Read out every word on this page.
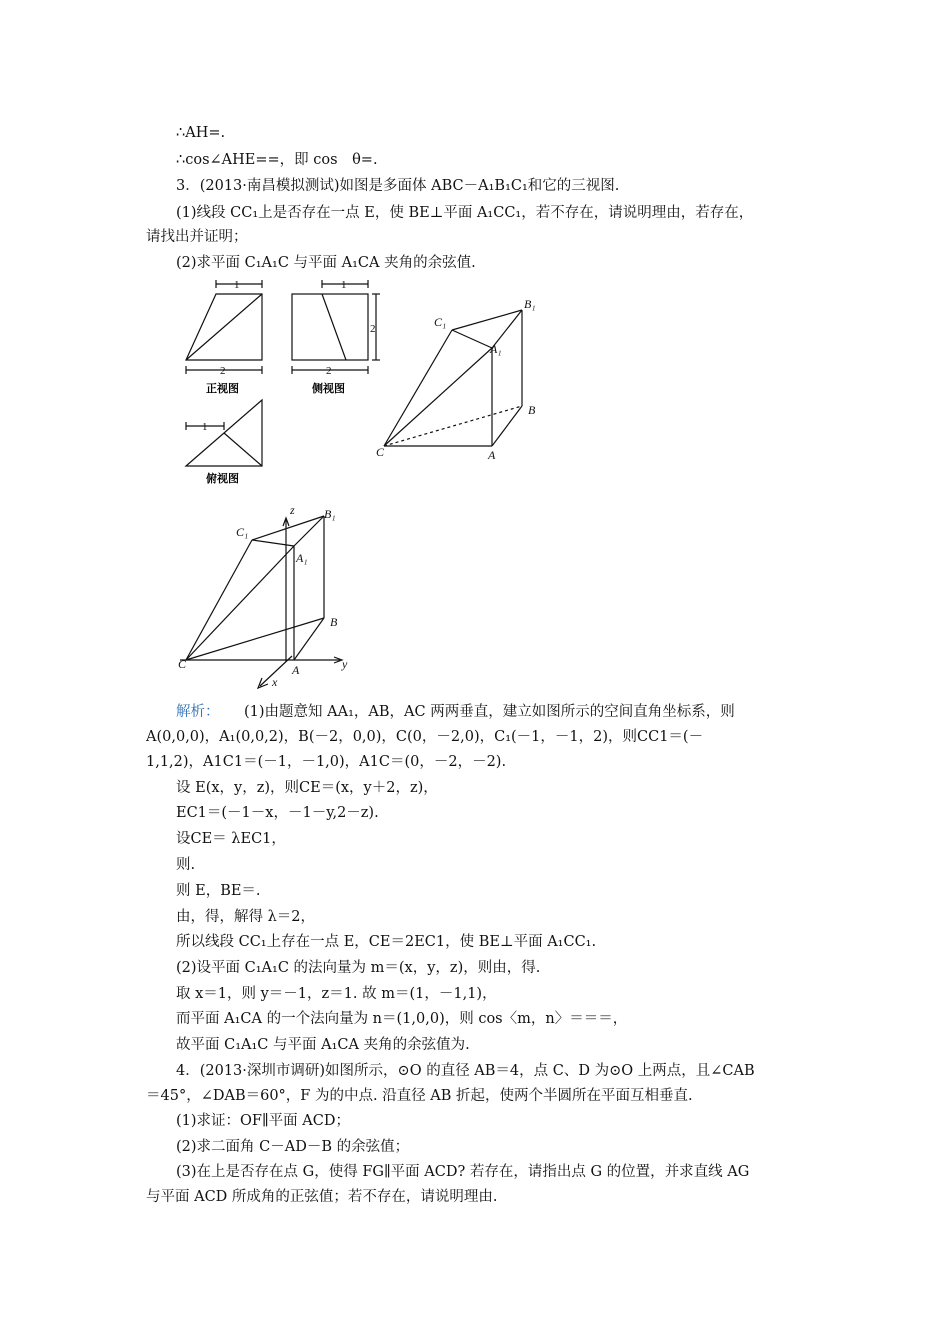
∴AH=.
∴cos∠AHE==，即 cos　θ=.
3．(2013·南昌模拟测试)如图是多面体 ABC－A₁B₁C₁和它的三视图.
(1)线段 CC₁上是否存在一点 E，使 BE⊥平面 A₁CC₁，若不存在，请说明理由，若存在，
请找出并证明；
(2)求平面 C₁A₁C 与平面 A₁CA 夹角的余弦值.
(1)由题意知 AA₁，AB，AC 两两垂直，建立如图所示的空间直角坐标系，则
A(0,0,0)，A₁(0,0,2)，B(－2，0,0)，C(0，－2,0)，C₁(－1，－1，2)，则CC1＝(－
1,1,2)，A1C1＝(－1，－1,0)，A1C＝(0，－2，－2).
设 E(x，y，z)，则CE＝(x，y＋2，z)，
EC1＝(－1－x，－1－y,2－z).
设CE＝ λEC1，
则.
则 E，BE＝.
由，得，解得 λ＝2，
所以线段 CC₁上存在一点 E，CE＝2EC1，使 BE⊥平面 A₁CC₁.
(2)设平面 C₁A₁C 的法向量为 m＝(x，y，z)，则由，得.
取 x＝1，则 y＝－1，z＝1. 故 m＝(1，－1,1)，
而平面 A₁CA 的一个法向量为 n＝(1,0,0)，则 cos〈m，n〉＝＝＝，
故平面 C₁A₁C 与平面 A₁CA 夹角的余弦值为.
4．(2013·深圳市调研)如图所示，⊙O 的直径 AB＝4，点 C、D 为⊙O 上两点，且∠CAB
＝45°，∠DAB＝60°，F 为的中点. 沿直径 AB 折起，使两个半圆所在平面互相垂直.
(1)求证：OF∥平面 ACD；
(2)求二面角 C－AD－B 的余弦值；
(3)在上是否存在点 G，使得 FG∥平面 ACD? 若存在，请指出点 G 的位置，并求直线 AG
与平面 ACD 所成角的正弦值；若不存在，请说明理由.
解析：
1
2
1
2
2
1
正视图	侧视图
俯视图
B₁
C₁
A₁
B
A
C
z
y
x
B₁
C₁
A₁
B
A
C
